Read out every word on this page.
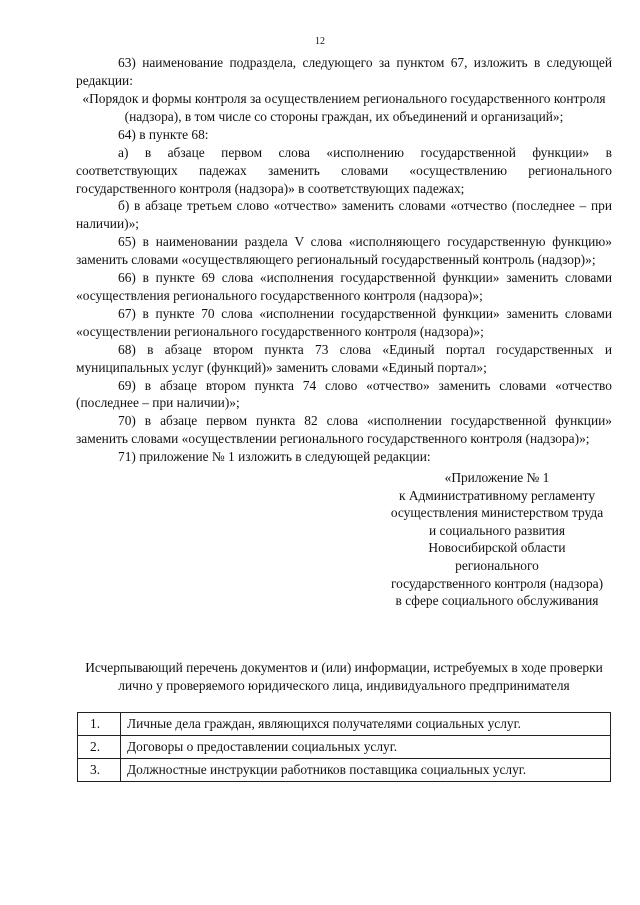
12

63) наименование подраздела, следующего за пунктом 67, изложить в следующей редакции:

«Порядок и формы контроля за осуществлением регионального государственного контроля (надзора), в том числе со стороны граждан, их объединений и организаций»;

64) в пункте 68:

а) в абзаце первом слова «исполнению государственной функции» в соответствующих падежах заменить словами «осуществлению регионального государственного контроля (надзора)» в соответствующих падежах;

б) в абзаце третьем слово «отчество» заменить словами «отчество (последнее – при наличии)»;

65) в наименовании раздела V слова «исполняющего государственную функцию» заменить словами «осуществляющего региональный государственный контроль (надзор)»;

66) в пункте 69 слова «исполнения государственной функции» заменить словами «осуществления регионального государственного контроля (надзора)»;

67) в пункте 70 слова «исполнении государственной функции» заменить словами «осуществлении регионального государственного контроля (надзора)»;

68) в абзаце втором пункта 73 слова «Единый портал государственных и муниципальных услуг (функций)» заменить словами «Единый портал»;

69) в абзаце втором пункта 74 слово «отчество» заменить словами «отчество (последнее – при наличии)»;

70) в абзаце первом пункта 82 слова «исполнении государственной функции» заменить словами «осуществлении регионального государственного контроля (надзора)»;

71) приложение № 1 изложить в следующей редакции:

«Приложение № 1
к Административному регламенту
осуществления министерством труда
и социального развития
Новосибирской области
регионального
государственного контроля (надзора)
в сфере социального обслуживания
Исчерпывающий перечень документов и (или) информации, истребуемых в ходе проверки лично у проверяемого юридического лица, индивидуального предпринимателя
1.	Личные дела граждан, являющихся получателями социальных услуг.
2.	Договоры о предоставлении социальных услуг.
3.	Должностные инструкции работников поставщика социальных услуг.
